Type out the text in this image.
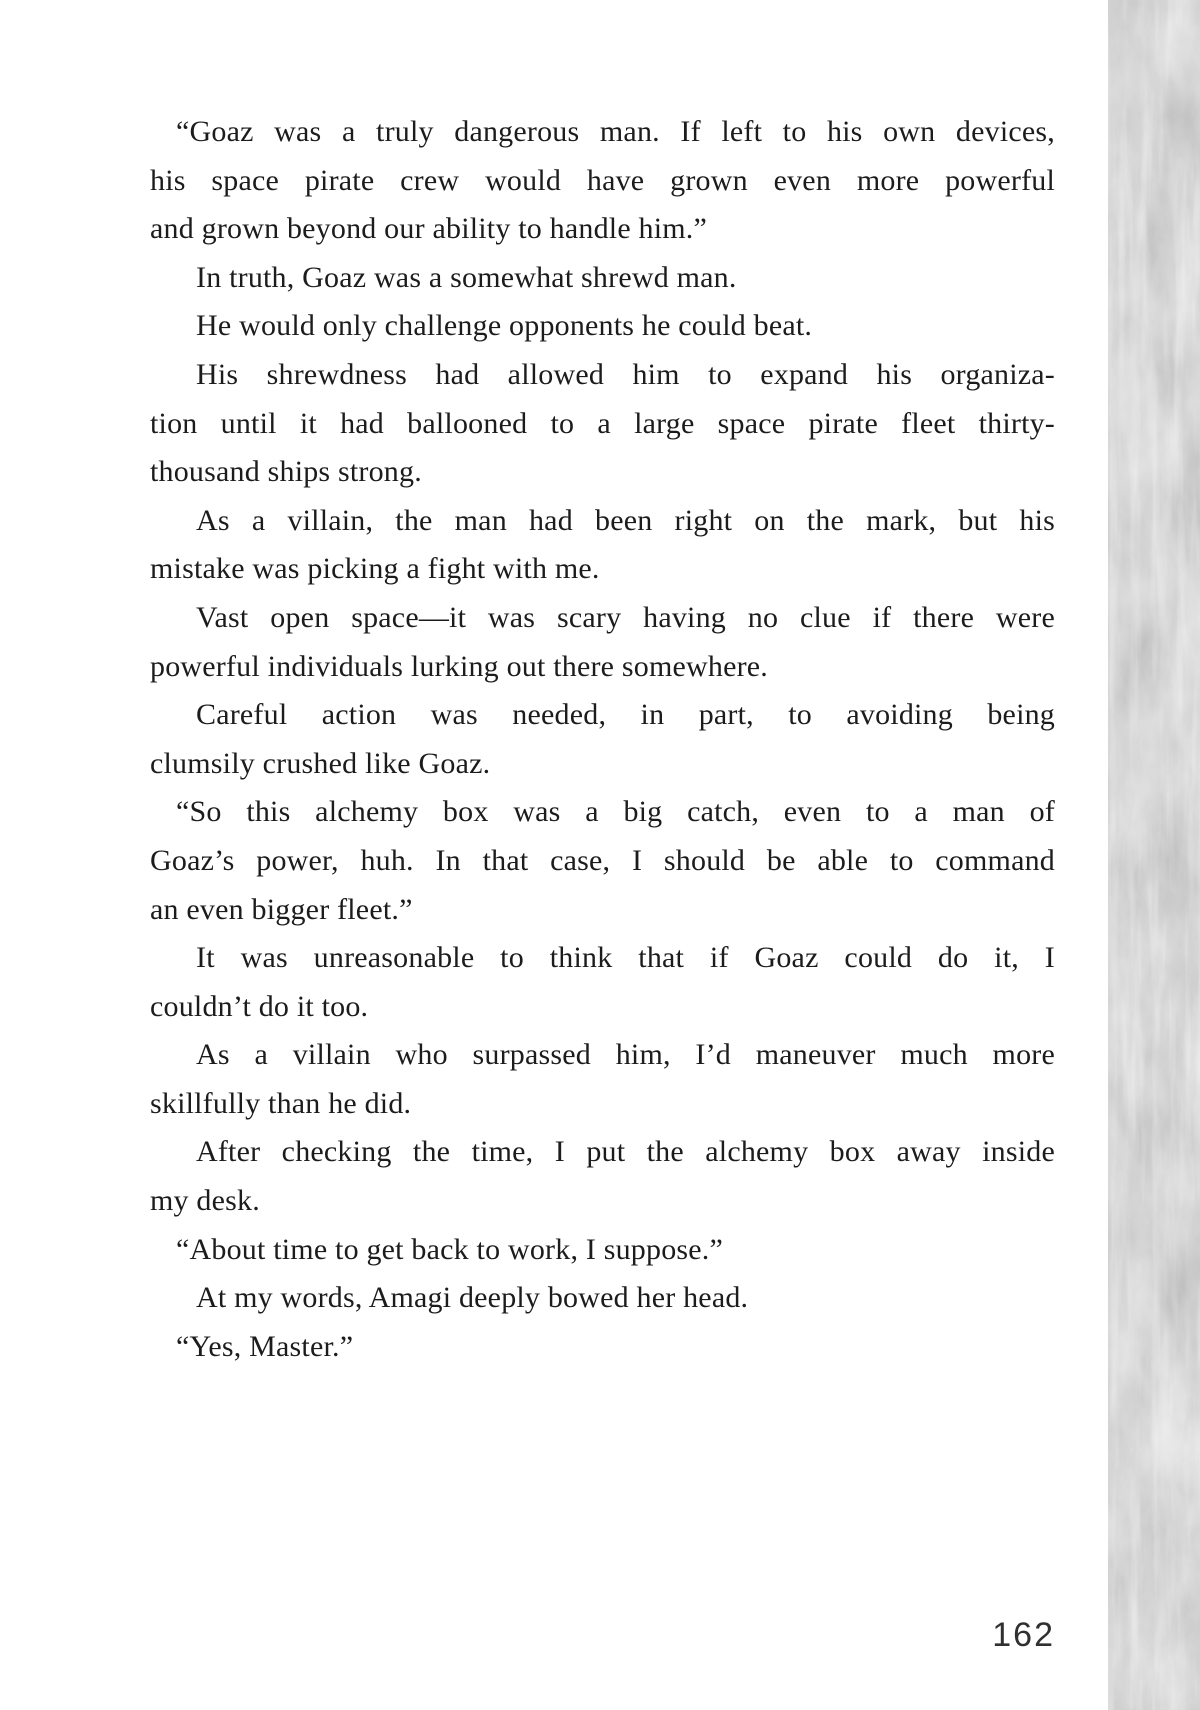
“Goaz was a truly dangerous man. If left to his own devices,
his space pirate crew would have grown even more powerful
and grown beyond our ability to handle him.”
In truth, Goaz was a somewhat shrewd man.
He would only challenge opponents he could beat.
His shrewdness had allowed him to expand his organiza-
tion until it had ballooned to a large space pirate fleet thirty-
thousand ships strong.
As a villain, the man had been right on the mark, but his
mistake was picking a fight with me.
Vast open space—it was scary having no clue if there were
powerful individuals lurking out there somewhere.
Careful action was needed, in part, to avoiding being
clumsily crushed like Goaz.
“So this alchemy box was a big catch, even to a man of
Goaz’s power, huh. In that case, I should be able to command
an even bigger fleet.”
It was unreasonable to think that if Goaz could do it, I
couldn’t do it too.
As a villain who surpassed him, I’d maneuver much more
skillfully than he did.
After checking the time, I put the alchemy box away inside
my desk.
“About time to get back to work, I suppose.”
At my words, Amagi deeply bowed her head.
“Yes, Master.”
162
